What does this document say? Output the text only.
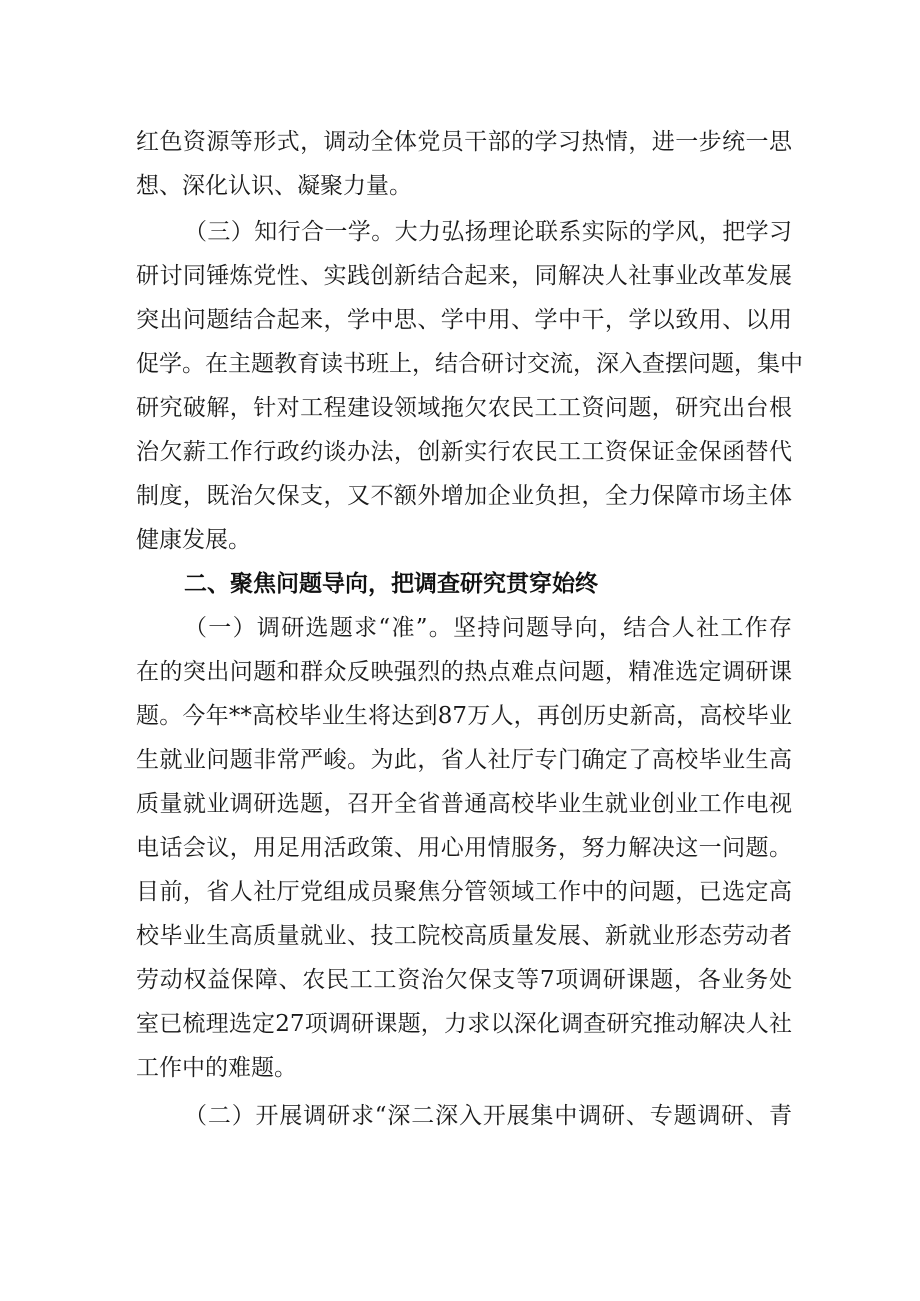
红色资源等形式，调动全体党员干部的学习热情，进一步统一思
想、深化认识、凝聚力量。
（三）知行合一学。大力弘扬理论联系实际的学风，把学习
研讨同锤炼党性、实践创新结合起来，同解决人社事业改革发展
突出问题结合起来，学中思、学中用、学中干，学以致用、以用
促学。在主题教育读书班上，结合研讨交流，深入查摆问题，集中
研究破解，针对工程建设领域拖欠农民工工资问题，研究出台根
治欠薪工作行政约谈办法，创新实行农民工工资保证金保函替代
制度，既治欠保支，又不额外增加企业负担，全力保障市场主体
健康发展。
二、聚焦问题导向，把调查研究贯穿始终
（一）调研选题求“准”。坚持问题导向，结合人社工作存
在的突出问题和群众反映强烈的热点难点问题，精准选定调研课
题。今年**高校毕业生将达到87万人，再创历史新高，高校毕业
生就业问题非常严峻。为此，省人社厅专门确定了高校毕业生高
质量就业调研选题，召开全省普通高校毕业生就业创业工作电视
电话会议，用足用活政策、用心用情服务，努力解决这一问题。
目前，省人社厅党组成员聚焦分管领域工作中的问题，已选定高
校毕业生高质量就业、技工院校高质量发展、新就业形态劳动者
劳动权益保障、农民工工资治欠保支等7项调研课题，各业务处
室已梳理选定27项调研课题，力求以深化调查研究推动解决人社
工作中的难题。
（二）开展调研求“深二深入开展集中调研、专题调研、青
